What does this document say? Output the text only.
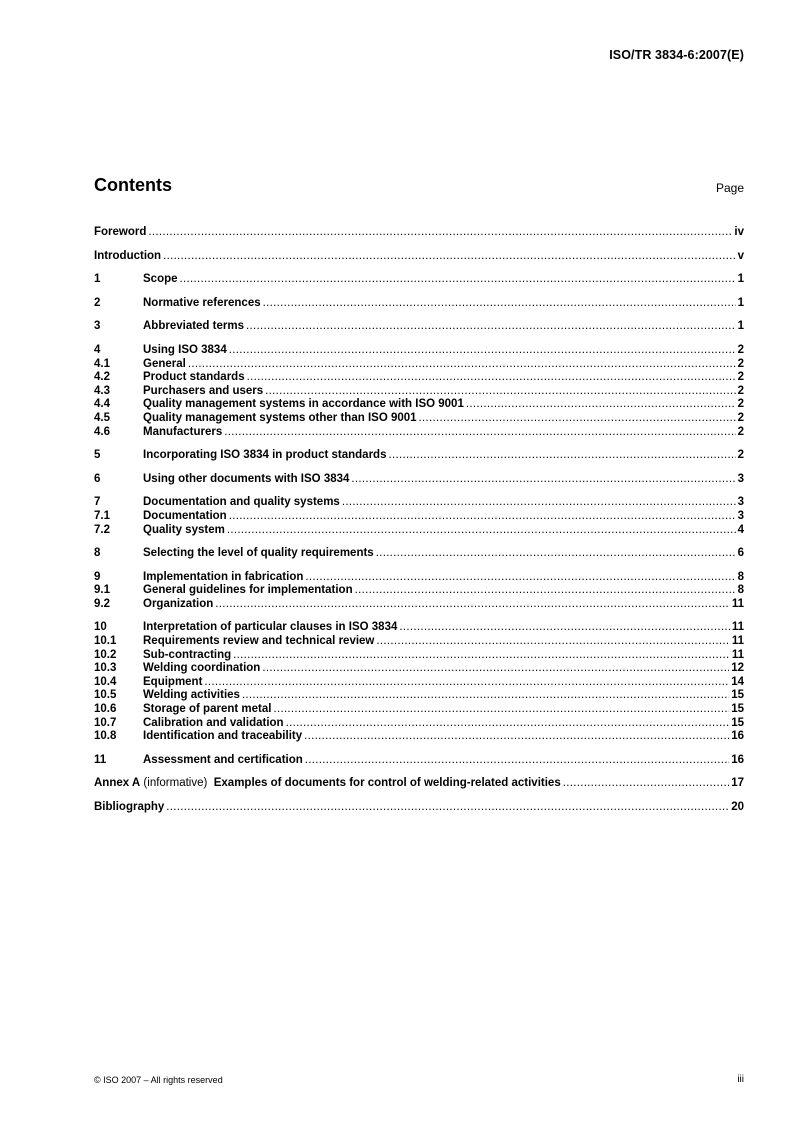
ISO/TR 3834-6:2007(E)
Contents	Page
Foreword .....	iv
Introduction .....	v
1	Scope .....	1
2	Normative references .....	1
3	Abbreviated terms .....	1
4	Using ISO 3834 .....	2
4.1	General .....	2
4.2	Product standards .....	2
4.3	Purchasers and users .....	2
4.4	Quality management systems in accordance with ISO 9001 .....	2
4.5	Quality management systems other than ISO 9001 .....	2
4.6	Manufacturers .....	2
5	Incorporating ISO 3834 in product standards .....	2
6	Using other documents with ISO 3834 .....	3
7	Documentation and quality systems .....	3
7.1	Documentation .....	3
7.2	Quality system .....	4
8	Selecting the level of quality requirements .....	6
9	Implementation in fabrication .....	8
9.1	General guidelines for implementation .....	8
9.2	Organization .....	11
10	Interpretation of particular clauses in ISO 3834 .....	11
10.1	Requirements review and technical review .....	11
10.2	Sub-contracting .....	11
10.3	Welding coordination .....	12
10.4	Equipment .....	14
10.5	Welding activities .....	15
10.6	Storage of parent metal .....	15
10.7	Calibration and validation .....	15
10.8	Identification and traceability .....	16
11	Assessment and certification .....	16
Annex A (informative)  Examples of documents for control of welding-related activities .....	17
Bibliography .....	20
© ISO 2007 – All rights reserved	iii
